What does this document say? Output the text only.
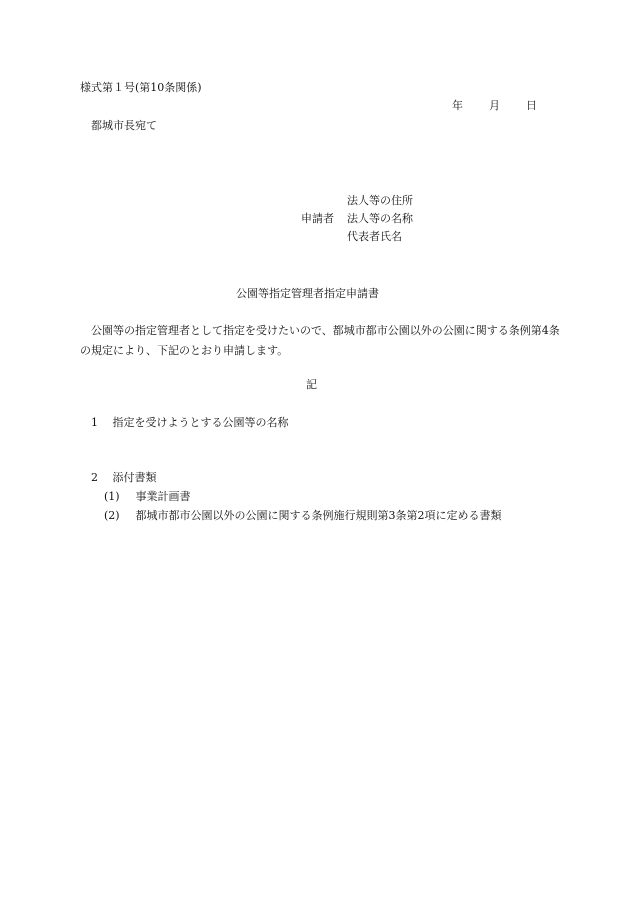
様式第１号(第10条関係)
年 月 日
都城市長宛て
法人等の住所
申請者 法人等の名称
代表者氏名
公園等指定管理者指定申請書
公園等の指定管理者として指定を受けたいので、都城市都市公園以外の公園に関する条例第4条の規定により、下記のとおり申請します。
記
1 指定を受けようとする公園等の名称
2 添付書類
(1) 事業計画書
(2) 都城市都市公園以外の公園に関する条例施行規則第3条第2項に定める書類
